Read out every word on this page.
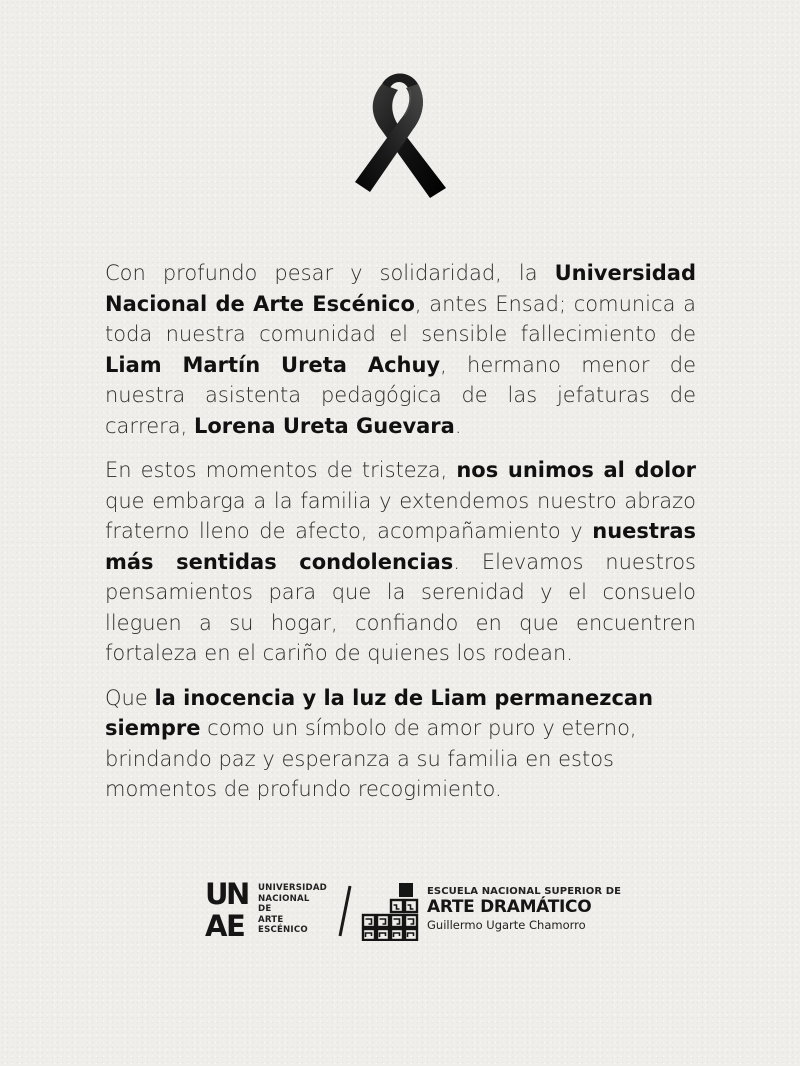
Con profundo pesar y solidaridad, la Universidad Nacional de Arte Escénico, antes Ensad; comunica a toda nuestra comunidad el sensible fallecimiento de Liam Martín Ureta Achuy, hermano menor de nuestra asistenta pedagógica de las jefaturas de carrera, Lorena Ureta Guevara.

En estos momentos de tristeza, nos unimos al dolor que embarga a la familia y extendemos nuestro abrazo fraterno lleno de afecto, acompañamiento y nuestras más sentidas condolencias. Elevamos nuestros pensamientos para que la serenidad y el consuelo lleguen a su hogar, confiando en que encuentren fortaleza en el cariño de quienes los rodean.

Que la inocencia y la luz de Liam permanezcan siempre como un símbolo de amor puro y eterno, brindando paz y esperanza a su familia en estos momentos de profundo recogimiento.

U
N
A E
UNIVERSIDAD
NACIONAL
DE
ARTE
ESCÉNICO
ESCUELA NACIONAL SUPERIOR DE
ARTE DRAMÁTICO
Guillermo Ugarte Chamorro
